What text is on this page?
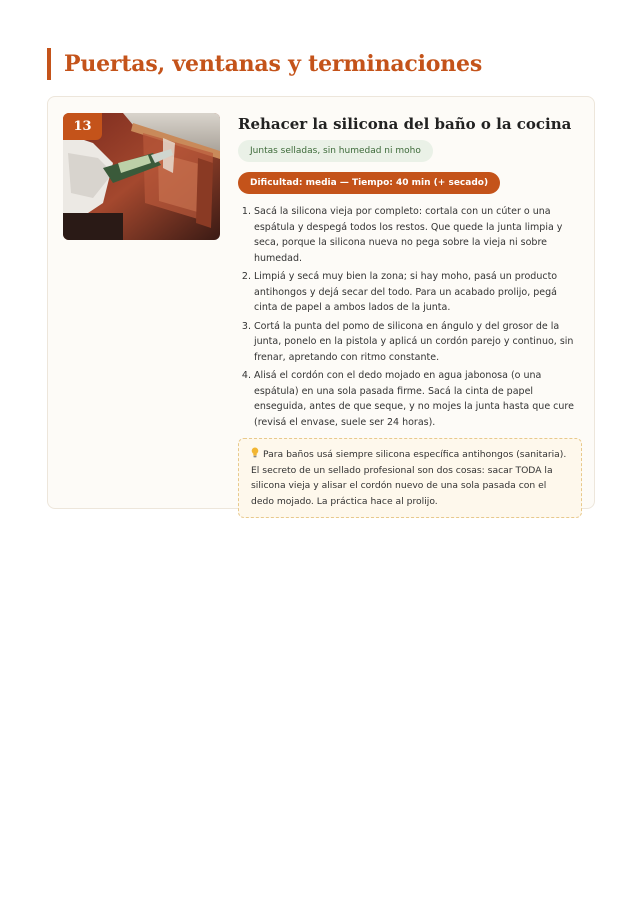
Puertas, ventanas y terminaciones
13	Rehacer la silicona del baño o la cocina
Juntas selladas, sin humedad ni moho
Dificultad: media — Tiempo: 40 min (+ secado)
1. Sacá la silicona vieja por completo: cortala con un cúter o una espátula y despegá todos los restos. Que quede la junta limpia y seca, porque la silicona nueva no pega sobre la vieja ni sobre humedad.
2. Limpiá y secá muy bien la zona; si hay moho, pasá un producto antihongos y dejá secar del todo. Para un acabado prolijo, pegá cinta de papel a ambos lados de la junta.
3. Cortá la punta del pomo de silicona en ángulo y del grosor de la junta, ponelo en la pistola y aplicá un cordón parejo y continuo, sin frenar, apretando con ritmo constante.
4. Alisá el cordón con el dedo mojado en agua jabonosa (o una espátula) en una sola pasada firme. Sacá la cinta de papel enseguida, antes de que seque, y no mojes la junta hasta que cure (revisá el envase, suele ser 24 horas).
Para baños usá siempre silicona específica antihongos (sanitaria). El secreto de un sellado profesional son dos cosas: sacar TODA la silicona vieja y alisar el cordón nuevo de una sola pasada con el dedo mojado. La práctica hace al prolijo.
